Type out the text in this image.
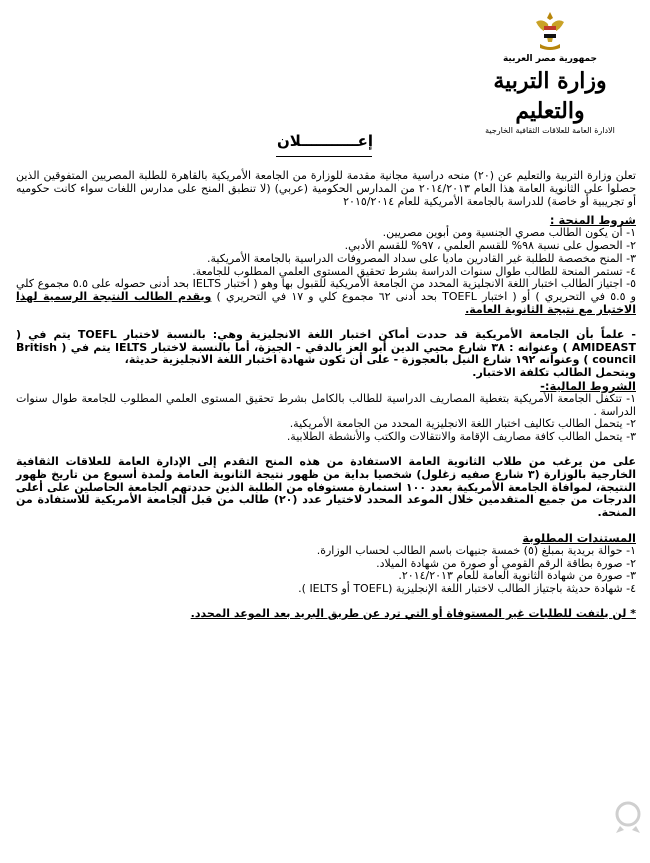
جمهورية مصر العربية
وزارة التربية والتعليم
الادارة العامة للعلاقات الثقافية الخارجية
إعـــــــــــلان

تعلن وزارة التربية والتعليم عن (٢٠) منحه دراسية مجانية مقدمة للوزارة من الجامعة الأمريكية بالقاهرة للطلبة المصريين المتفوقين الذين حصلوا على الثانوية العامة هذا العام ٢٠١٤/٢٠١٣ من المدارس الحكومية (عربي) (لا تنطبق المنح على مدارس اللغات سواء كانت حكوميه أو تجريبية أو خاصة) للدراسة بالجامعة الأمريكية للعام ٢٠١٥/٢٠١٤

شروط المنحة :

١- أن يكون الطالب مصري الجنسية ومن أبوين مصريين.

٢- الحصول على نسبة ٩٨% للقسم العلمي ، ٩٧% للقسم الأدبي.

٣- المنح مخصصة للطلبة غير القادرين ماديا على سداد المصروفات الدراسية بالجامعة الأمريكية.

٤- تستمر المنحة للطالب طوال سنوات الدراسة بشرط تحقيق المستوى العلمي المطلوب للجامعة.

٥- اجتياز الطالب اختبار اللغة الانجليزية المحدد من الجامعة الأمريكية للقبول بها وهو ( اختبار IELTS بحد أدنى حصوله على ٥.٥ مجموع كلي و ٥.٥ في التحريري ) أو ( اختبار TOEFL بحد أدنى ٦٢ مجموع كلي و ١٧ في التحريري ) ويقدم الطالب النتيجة الرسمية لهذا الاختبار مع نتيجة الثانوية العامة.

- علماً بأن الجامعة الأمريكية قد حددت أماكن اختبار اللغة الانجليزية وهي: بالنسبة لاختبار TOEFL يتم في ( AMIDEAST ) وعنوانه : ٣٨ شارع محيي الدين أبو العز بالدقي - الجيزة، أما بالنسبة لاختبار IELTS يتم في ( British council ) وعنوانه ١٩٢ شارع النيل بالعجوزة - على أن تكون شهادة اختبار اللغة الانجليزية حديثة،

ويتحمل الطالب تكلفة الاختبار.

الشروط المالية:-

١- تتكفل الجامعة الأمريكية بتغطية المصاريف الدراسية للطالب بالكامل بشرط تحقيق المستوى العلمي المطلوب للجامعة طوال سنوات الدراسة .

٢- يتحمل الطالب تكاليف اختبار اللغة الانجليزية المحدد من الجامعة الأمريكية.

٣- يتحمل الطالب كافة مصاريف الإقامة والانتقالات والكتب والأنشطة الطلابية.

على من يرغب من طلاب الثانوية العامة الاستفادة من هذه المنح التقدم إلى الإدارة العامة للعلاقات الثقافية الخارجية بالوزارة (٣ شارع صفيه زغلول) شخصيا بداية من ظهور نتيجة الثانوية العامة ولمدة أسبوع من تاريخ ظهور النتيجة، لموافاة الجامعة الأمريكية بعدد ١٠٠ استمارة مستوفاه من الطلبة الذين حددتهم الجامعة الحاصلين على أعلى الدرجات من جميع المتقدمين خلال الموعد المحدد لاختيار عدد (٢٠) طالب من قبل الجامعة الأمريكية للاستفادة من المنحة.

المستندات المطلوبة

١- حوالة بريدية بمبلغ (٥) خمسة جنيهات باسم الطالب لحساب الوزارة.

٢- صورة بطاقة الرقم القومي أو صورة من شهادة الميلاد.

٣- صورة من شهادة الثانوية العامة للعام ٢٠١٤/٢٠١٣.

٤- شهادة حديثة باجتياز الطالب لاختبار اللغة الإنجليزية (TOEFL أو IELTS ).

* لن يلتفت للطلبات غير المستوفاة أو التي ترد عن طريق البريد بعد الموعد المحدد.
